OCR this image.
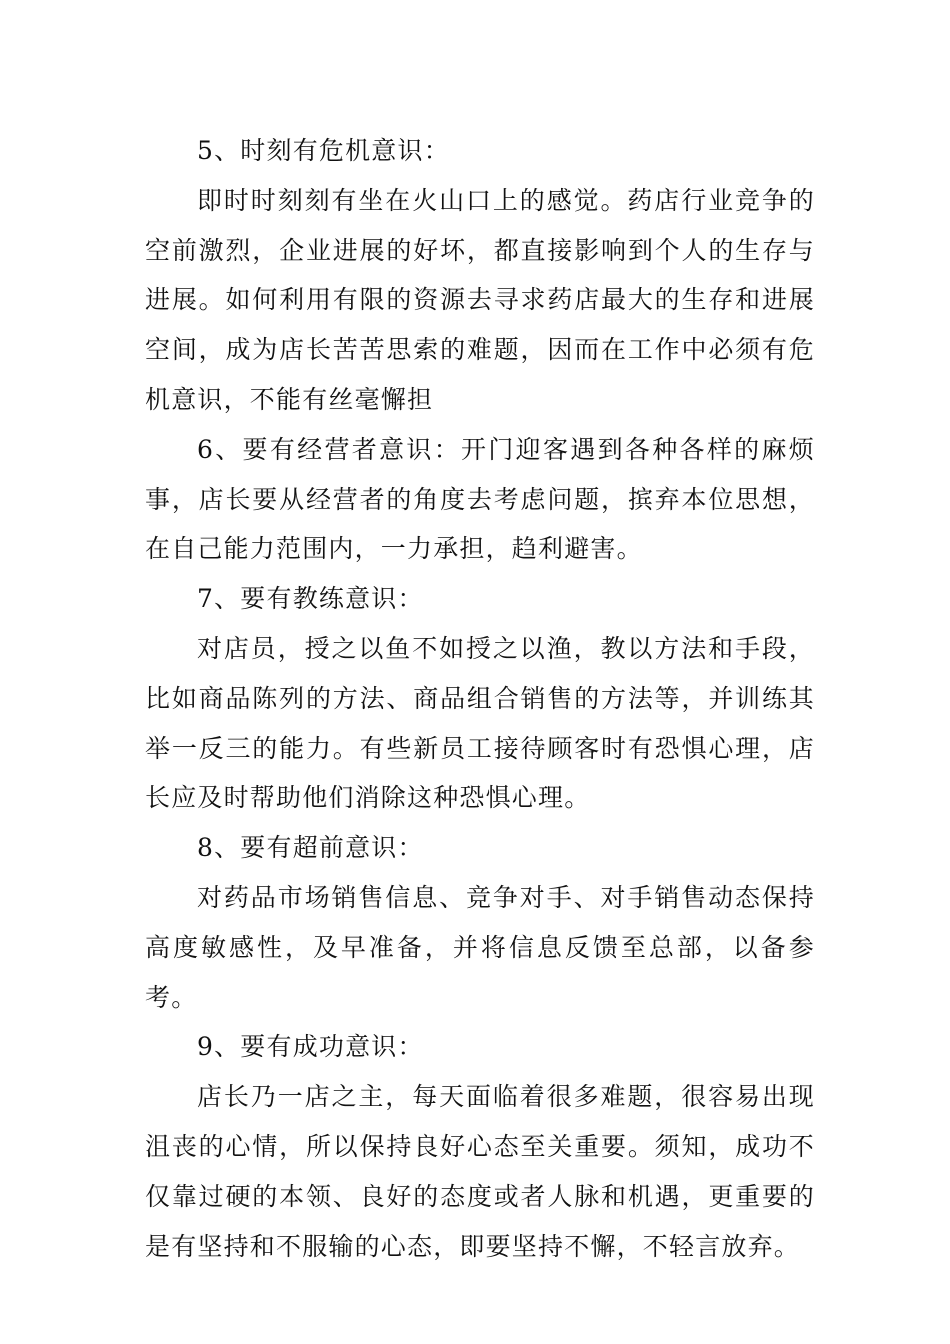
5、时刻有危机意识：

即时时刻刻有坐在火山口上的感觉。药店行业竞争的空前激烈，企业进展的好坏，都直接影响到个人的生存与进展。如何利用有限的资源去寻求药店最大的生存和进展空间，成为店长苦苦思索的难题，因而在工作中必须有危机意识，不能有丝毫懈担

6、要有经营者意识：开门迎客遇到各种各样的麻烦事，店长要从经营者的角度去考虑问题，摈弃本位思想，在自己能力范围内，一力承担，趋利避害。

7、要有教练意识：

对店员，授之以鱼不如授之以渔，教以方法和手段，比如商品陈列的方法、商品组合销售的方法等，并训练其举一反三的能力。有些新员工接待顾客时有恐惧心理，店长应及时帮助他们消除这种恐惧心理。

8、要有超前意识：

对药品市场销售信息、竞争对手、对手销售动态保持高度敏感性，及早准备，并将信息反馈至总部，以备参考。

9、要有成功意识：

店长乃一店之主，每天面临着很多难题，很容易出现沮丧的心情，所以保持良好心态至关重要。须知，成功不仅靠过硬的本领、良好的态度或者人脉和机遇，更重要的是有坚持和不服输的心态，即要坚持不懈，不轻言放弃。
